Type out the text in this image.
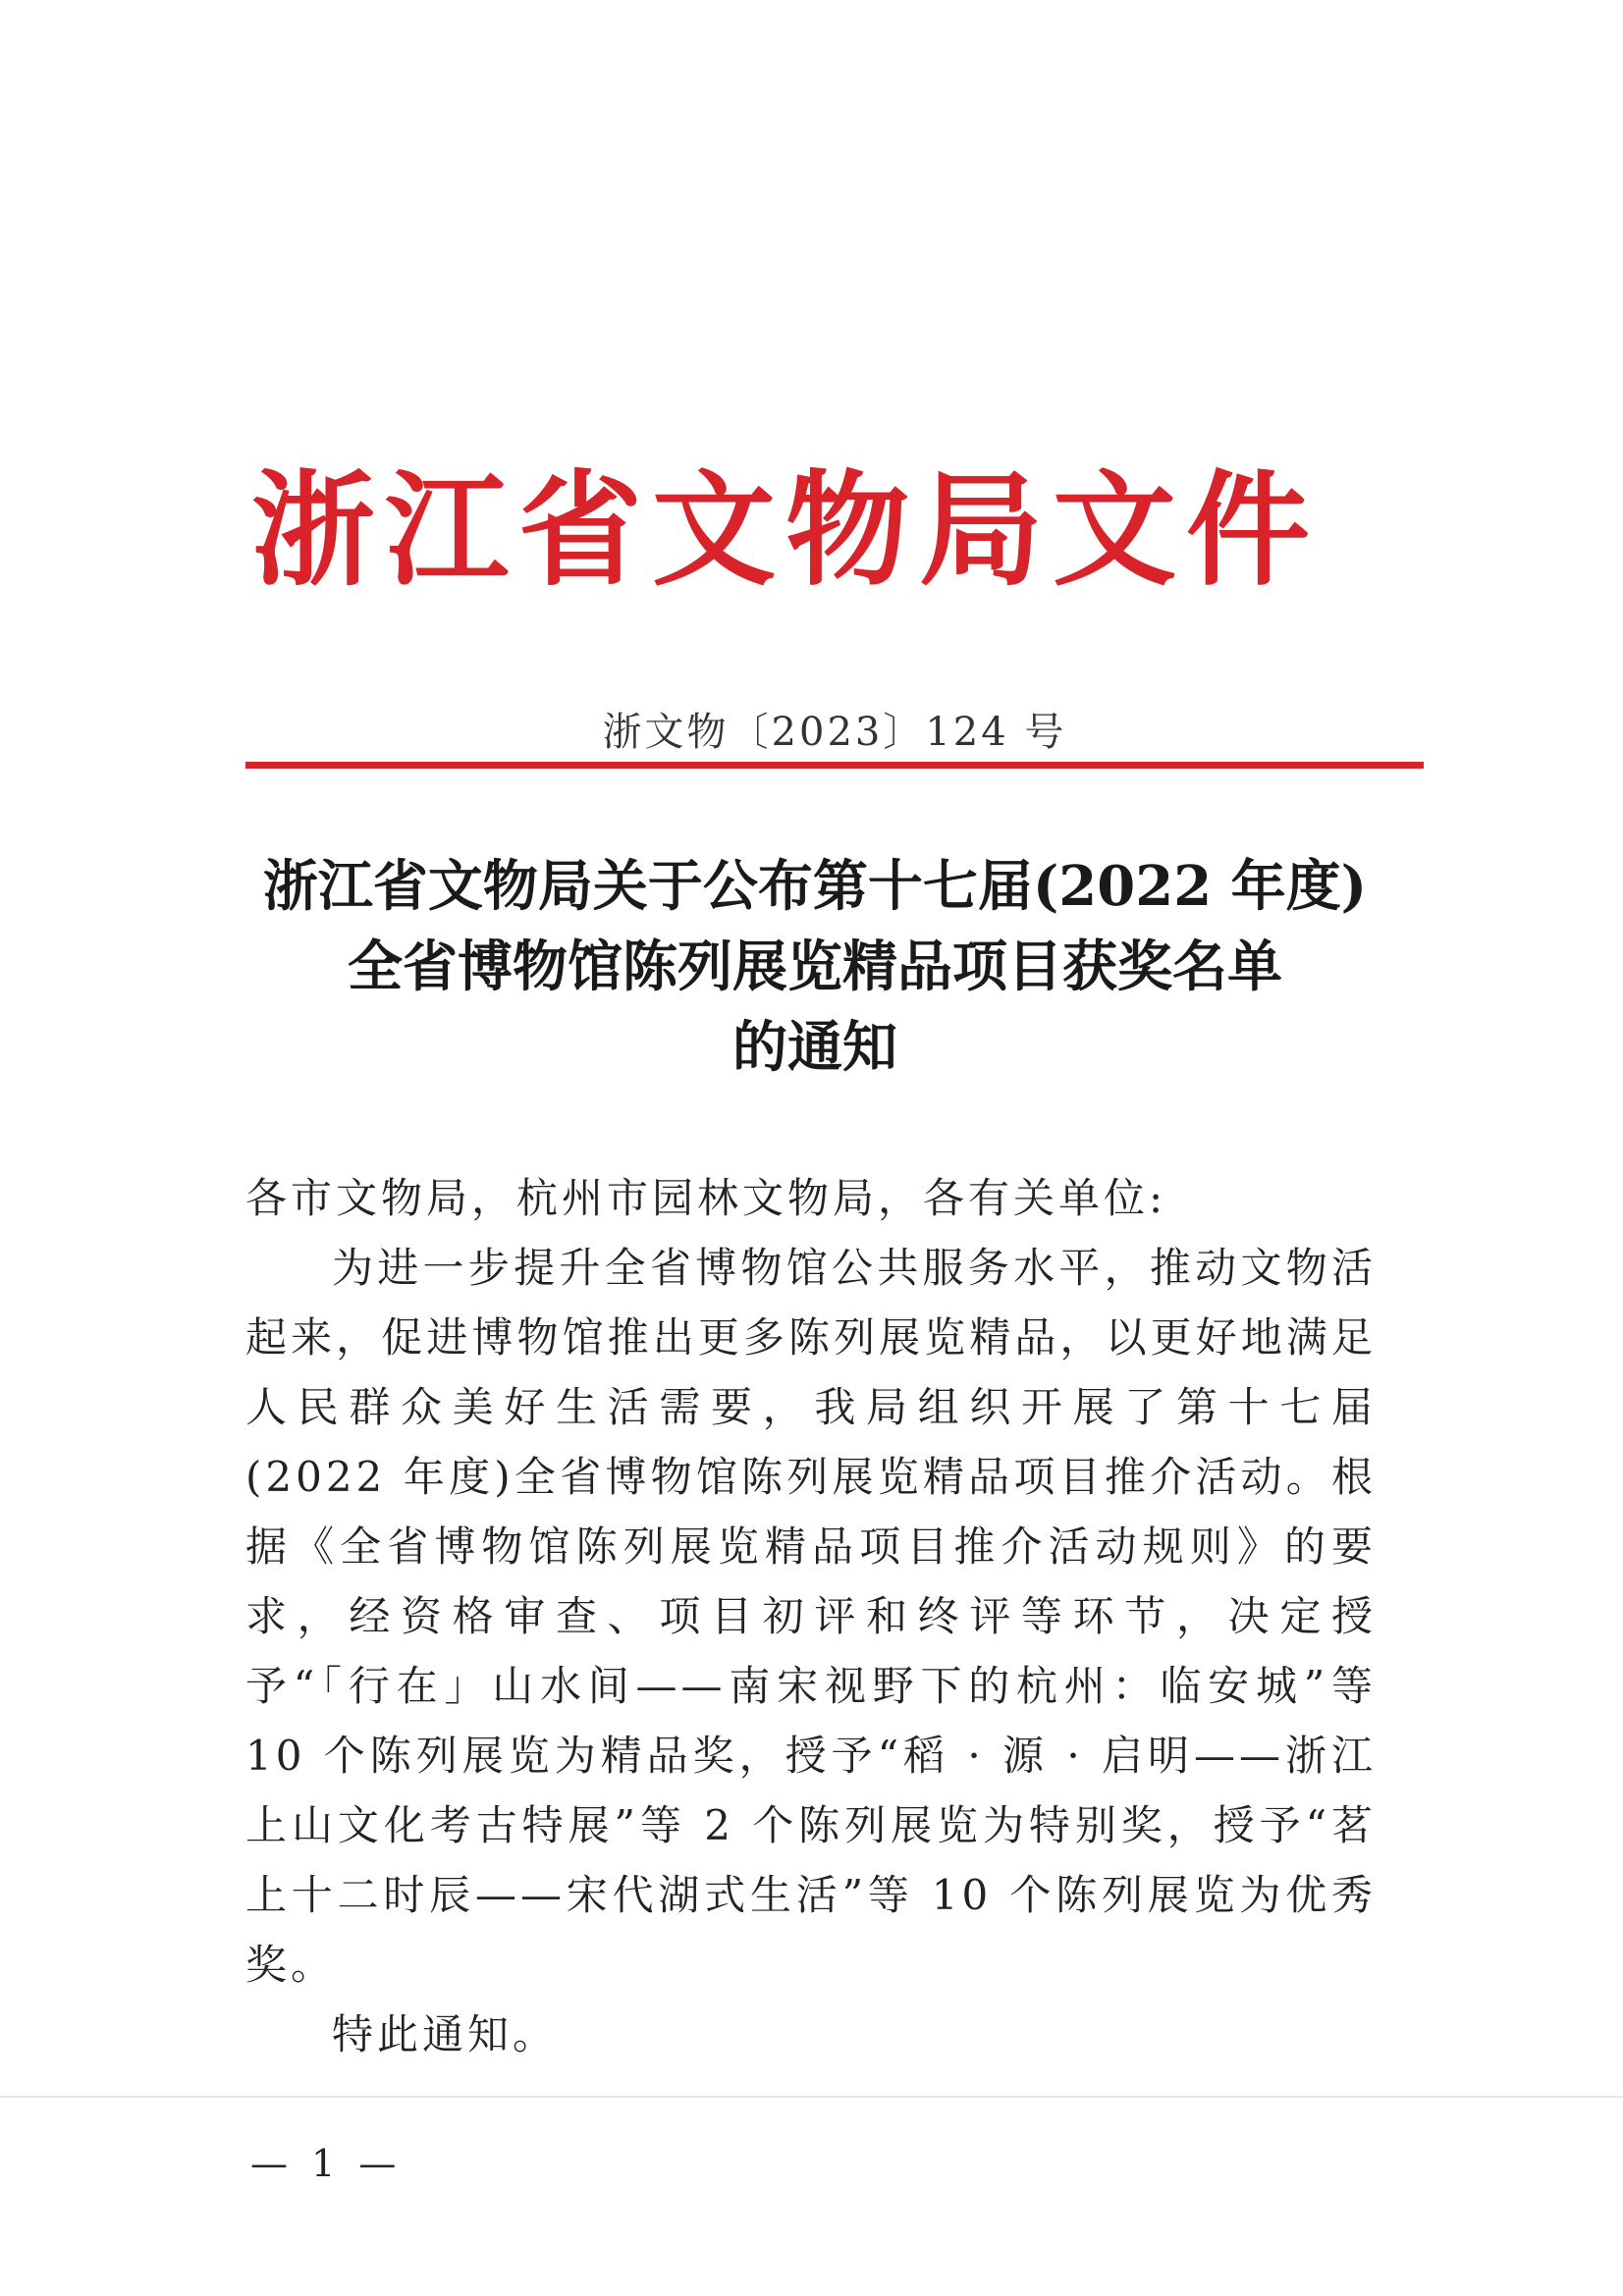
浙江省文物局文件
浙文物〔2023〕124 号
浙江省文物局关于公布第十七届(2022 年度)
全省博物馆陈列展览精品项目获奖名单
的通知

各市文物局，杭州市园林文物局，各有关单位:

为进一步提升全省博物馆公共服务水平，推动文物活起来，促进博物馆推出更多陈列展览精品，以更好地满足人民群众美好生活需要，我局组织开展了第十七届(2022 年度)全省博物馆陈列展览精品项目推介活动。根据《全省博物馆陈列展览精品项目推介活动规则》的要求，经资格审查、项目初评和终评等环节，决定授予“「行在」山水间——南宋视野下的杭州：临安城”等 10 个陈列展览为精品奖，授予“稻 · 源 · 启明——浙江上山文化考古特展”等 2 个陈列展览为特别奖，授予“茗上十二时辰——宋代湖式生活”等 10 个陈列展览为优秀奖。

特此通知。

— 1 —
